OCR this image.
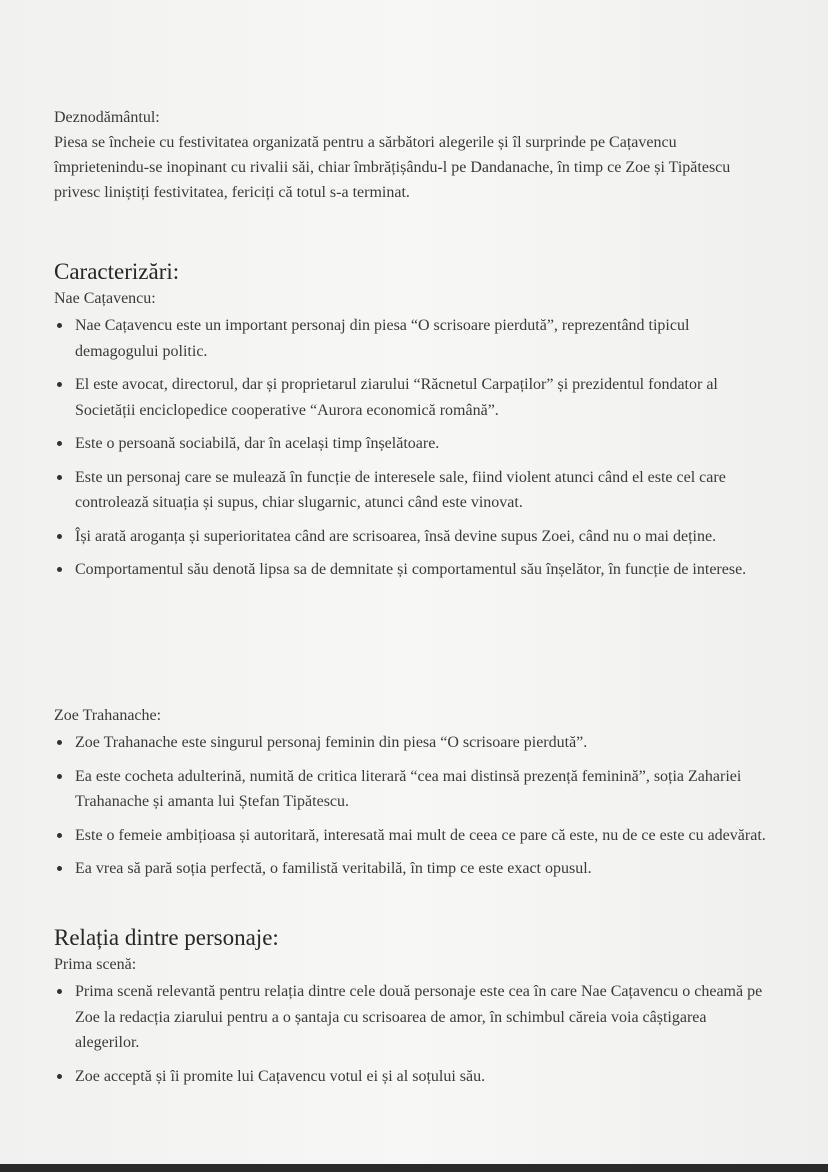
Deznodământul:

Piesa se încheie cu festivitatea organizată pentru a sărbători alegerile și îl surprinde pe Cațavencu împrietenindu-se inopinant cu rivalii săi, chiar îmbrățișându-l pe Dandanache, în timp ce Zoe și Tipătescu privesc liniștiți festivitatea, fericiți că totul s-a terminat.

Caracterizări:

Nae Cațavencu:

Nae Cațavencu este un important personaj din piesa “O scrisoare pierdută”, reprezentând tipicul demagogului politic.
El este avocat, directorul, dar și proprietarul ziarului “Răcnetul Carpaților” și prezidentul fondator al Societății enciclopedice cooperative “Aurora economică română”.
Este o persoană sociabilă, dar în același timp înșelătoare.
Este un personaj care se mulează în funcție de interesele sale, fiind violent atunci când el este cel care controlează situația și supus, chiar slugarnic, atunci când este vinovat.
Își arată aroganța și superioritatea când are scrisoarea, însă devine supus Zoei, când nu o mai deține.
Comportamentul său denotă lipsa sa de demnitate și comportamentul său înșelător, în funcție de interese.

Zoe Trahanache:

Zoe Trahanache este singurul personaj feminin din piesa “O scrisoare pierdută”.
Ea este cocheta adulterină, numită de critica literară “cea mai distinsă prezență feminină”, soția Zahariei Trahanache și amanta lui Ștefan Tipătescu.
Este o femeie ambițioasa și autoritară, interesată mai mult de ceea ce pare că este, nu de ce este cu adevărat.
Ea vrea să pară soția perfectă, o familistă veritabilă, în timp ce este exact opusul.
Relația dintre personaje:

Prima scenă:

Prima scenă relevantă pentru relația dintre cele două personaje este cea în care Nae Cațavencu o cheamă pe Zoe la redacția ziarului pentru a o șantaja cu scrisoarea de amor, în schimbul căreia voia câștigarea alegerilor.
Zoe acceptă și îi promite lui Cațavencu votul ei și al soțului său.
